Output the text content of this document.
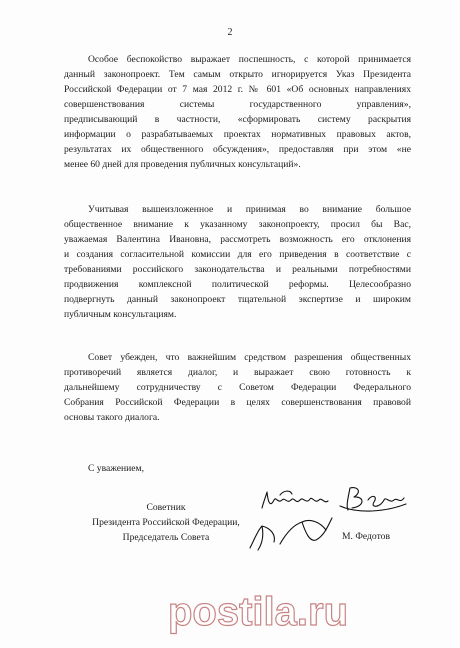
2

Особое беспокойство выражает поспешность, с которой принимается
данный законопроект. Тем самым открыто игнорируется Указ Президента
Российской Федерации от 7 мая 2012 г. № 601 «Об основных направлениях
совершенствования      системы      государственного      управления»,
предписывающий в частности, «сформировать систему раскрытия
информации о разрабатываемых проектах нормативных правовых актов,
результатах их общественного обсуждения», предоставляя при этом «не
менее 60 дней для проведения публичных консультаций».

Учитывая вышеизложенное и принимая во внимание большое
общественное внимание к указанному законопроекту, просил бы Вас,
уважаемая Валентина Ивановна, рассмотреть возможность его отклонения
и создания согласительной комиссии для его приведения в соответствие с
требованиями российского законодательства и реальными потребностями
продвижения комплексной политической реформы. Целесообразно
подвергнуть данный законопроект тщательной экспертизе и широким
публичным консультациям.

Совет убежден, что важнейшим средством разрешения общественных
противоречий является диалог, и выражает свою готовность к
дальнейшему сотрудничеству с Советом Федерации Федерального
Собрания Российской Федерации в целях совершенствования правовой
основы такого диалога.

С уважением,
Советник
Президента Российской Федерации,
Председатель Совета	М. Федотов
postila.ru
